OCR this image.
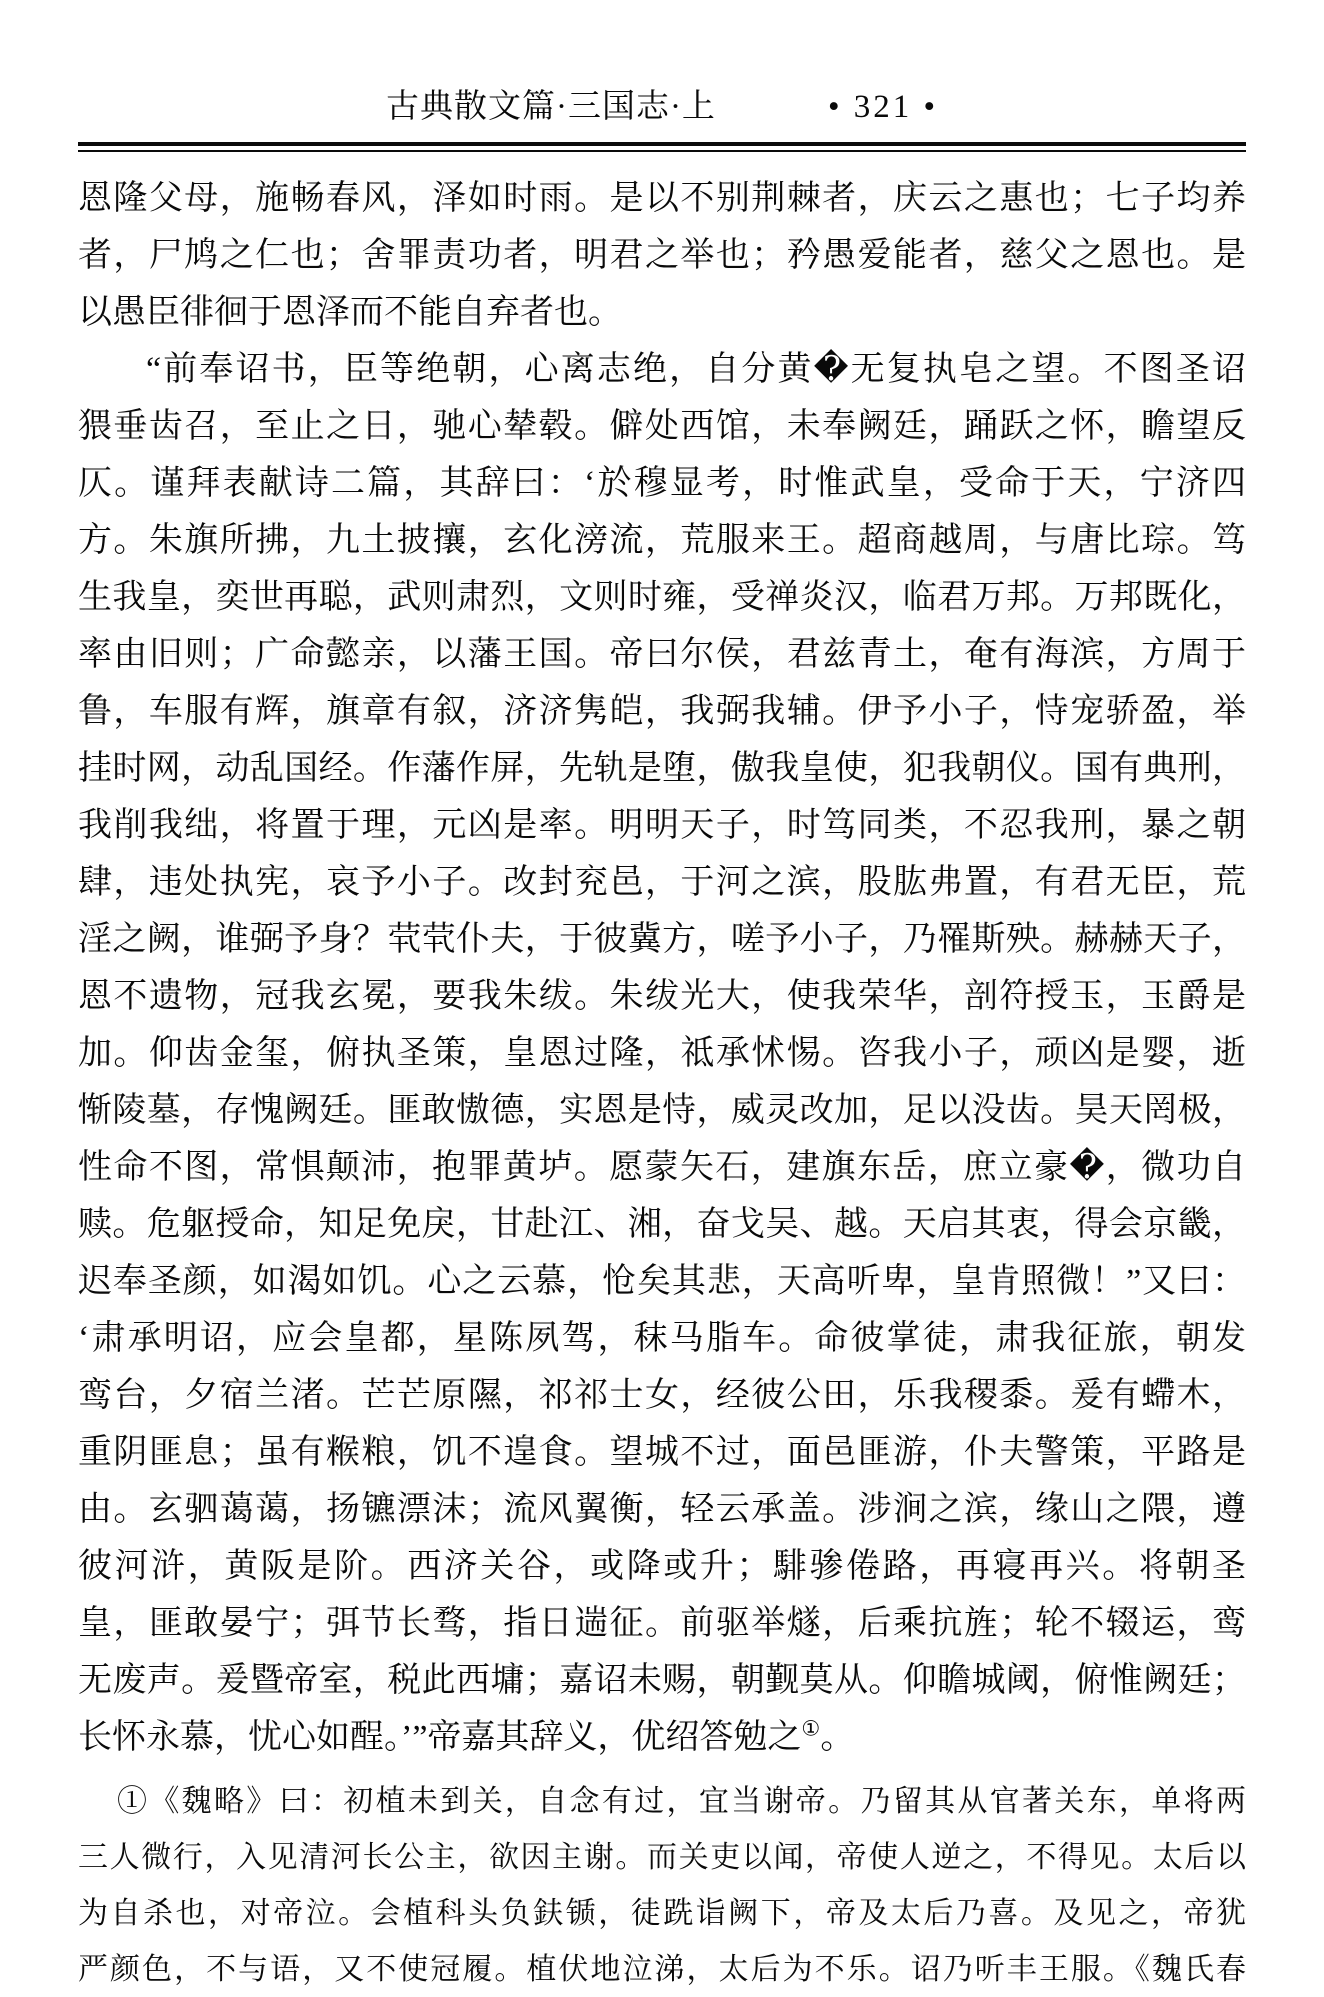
古典散文篇·三国志·上	• 321 •
恩隆父母，施畅春风，泽如时雨。是以不别荆棘者，庆云之惠也；七子均养
者，尸鸠之仁也；舍罪责功者，明君之举也；矜愚爱能者，慈父之恩也。是
以愚臣徘徊于恩泽而不能自弃者也。
“前奉诏书，臣等绝朝，心离志绝，自分黄�无复执皂之望。不图圣诏
猥垂齿召，至止之日，驰心辇毂。僻处西馆，未奉阙廷，踊跃之怀，瞻望反
仄。谨拜表献诗二篇，其辞曰：‘於穆显考，时惟武皇，受命于天，宁济四
方。朱旗所拂，九土披攘，玄化滂流，荒服来王。超商越周，与唐比琮。笃
生我皇，奕世再聪，武则肃烈，文则时雍，受禅炎汉，临君万邦。万邦既化，
率由旧则；广命懿亲，以藩王国。帝曰尔侯，君兹青土，奄有海滨，方周于
鲁，车服有辉，旗章有叙，济济隽皑，我弼我辅。伊予小子，恃宠骄盈，举
挂时网，动乱国经。作藩作屏，先轨是堕，傲我皇使，犯我朝仪。国有典刑，
我削我绌，将置于理，元凶是率。明明天子，时笃同类，不忍我刑，暴之朝
肆，违处执宪，哀予小子。改封兖邑，于河之滨，股肱弗置，有君无臣，荒
淫之阙，谁弼予身？茕茕仆夫，于彼冀方，嗟予小子，乃罹斯殃。赫赫天子，
恩不遗物，冠我玄冕，要我朱绂。朱绂光大，使我荣华，剖符授玉，玉爵是
加。仰齿金玺，俯执圣策，皇恩过隆，祗承怵惕。咨我小子，顽凶是婴，逝
惭陵墓，存愧阙廷。匪敢慠德，实恩是恃，威灵改加，足以没齿。昊天罔极，
性命不图，常惧颠沛，抱罪黄垆。愿蒙矢石，建旗东岳，庶立豪�，微功自
赎。危躯授命，知足免戾，甘赴江、湘，奋戈吴、越。天启其衷，得会京畿，
迟奉圣颜，如渴如饥。心之云慕，怆矣其悲，天高听卑，皇肯照微！”又曰：
‘肃承明诏，应会皇都，星陈夙驾，秣马脂车。命彼掌徒，肃我征旅，朝发
鸾台，夕宿兰渚。芒芒原隰，祁祁士女，经彼公田，乐我稷黍。爰有螮木，
重阴匪息；虽有糇粮，饥不遑食。望城不过，面邑匪游，仆夫警策，平路是
由。玄驷蔼蔼，扬镳漂沫；流风翼衡，轻云承盖。涉涧之滨，缘山之隈，遵
彼河浒，黄阪是阶。西济关谷，或降或升；騑骖倦路，再寝再兴。将朝圣
皇，匪敢晏宁；弭节长骛，指日遄征。前驱举燧，后乘抗旌；轮不辍运，鸾
无废声。爰暨帝室，税此西墉；嘉诏未赐，朝觐莫从。仰瞻城阈，俯惟阙廷；
长怀永慕，忧心如酲。’”帝嘉其辞义，优绍答勉之①。
①《魏略》曰：初植未到关，自念有过，宜当谢帝。乃留其从官著关东，单将两
三人微行，入见清河长公主，欲因主谢。而关吏以闻，帝使人逆之，不得见。太后以
为自杀也，对帝泣。会植科头负鈇锧，徒跣诣阙下，帝及太后乃喜。及见之，帝犹
严颜色，不与语，又不使冠履。植伏地泣涕，太后为不乐。诏乃听丰王服。《魏氏春
